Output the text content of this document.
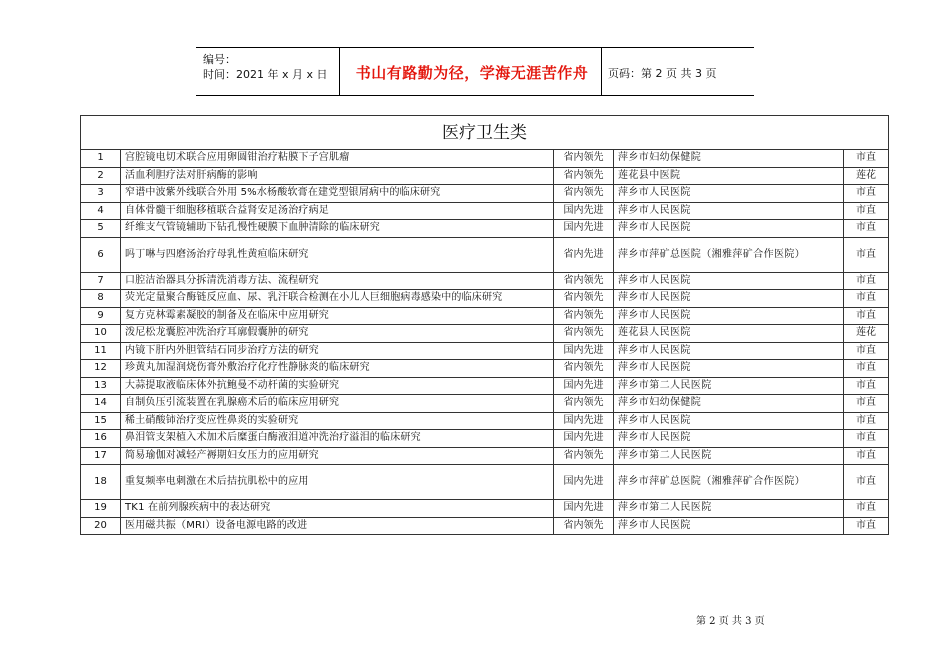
编号：
时间：2021 年 x 月 x 日	书山有路勤为径，学海无涯苦作舟	页码：第 2 页 共 3 页
医疗卫生类				
1	宫腔镜电切术联合应用卵圆钳治疗粘膜下子宫肌瘤	省内领先	萍乡市妇幼保健院	市直
2	活血利胆疗法对肝病酶的影响	省内领先	莲花县中医院	莲花
3	窄谱中波紫外线联合外用 5%水杨酸软膏在建党型银屑病中的临床研究	省内领先	萍乡市人民医院	市直
4	自体骨髓干细胞移植联合益肾安足汤治疗病足	国内先进	萍乡市人民医院	市直
5	纤维支气管镜辅助下钻孔慢性硬膜下血肿清除的临床研究	国内先进	萍乡市人民医院	市直
6	吗丁啉与四磨汤治疗母乳性黄疸临床研究	省内先进	萍乡市萍矿总医院（湘雅萍矿合作医院）	市直
7	口腔洁治器具分拆清洗消毒方法、流程研究	省内领先	萍乡市人民医院	市直
8	荧光定量聚合酶链反应血、尿、乳汗联合检测在小儿人巨细胞病毒感染中的临床研究	省内领先	萍乡市人民医院	市直
9	复方克林霉素凝胶的制备及在临床中应用研究	省内领先	萍乡市人民医院	市直
10	泼尼松龙囊腔冲洗治疗耳廓假囊肿的研究	省内领先	莲花县人民医院	莲花
11	内镜下肝内外胆管结石同步治疗方法的研究	国内先进	萍乡市人民医院	市直
12	珍黄丸加湿润烧伤膏外敷治疗化疗性静脉炎的临床研究	省内领先	萍乡市人民医院	市直
13	大蒜提取液临床体外抗鲍曼不动杆菌的实验研究	国内先进	萍乡市第二人民医院	市直
14	自制负压引流装置在乳腺癌术后的临床应用研究	省内领先	萍乡市妇幼保健院	市直
15	稀土硝酸铈治疗变应性鼻炎的实验研究	国内先进	萍乡市人民医院	市直
16	鼻泪管支架植入术加术后糜蛋白酶液泪道冲洗治疗溢泪的临床研究	国内先进	萍乡市人民医院	市直
17	简易瑜伽对减轻产褥期妇女压力的应用研究	省内领先	萍乡市第二人民医院	市直
18	重复频率电刺激在术后拮抗肌松中的应用	国内先进	萍乡市萍矿总医院（湘雅萍矿合作医院）	市直
19	TK1 在前列腺疾病中的表达研究	国内先进	萍乡市第二人民医院	市直
20	医用磁共振（MRI）设备电源电路的改进	省内领先	萍乡市人民医院	市直
第 2 页 共 3 页
